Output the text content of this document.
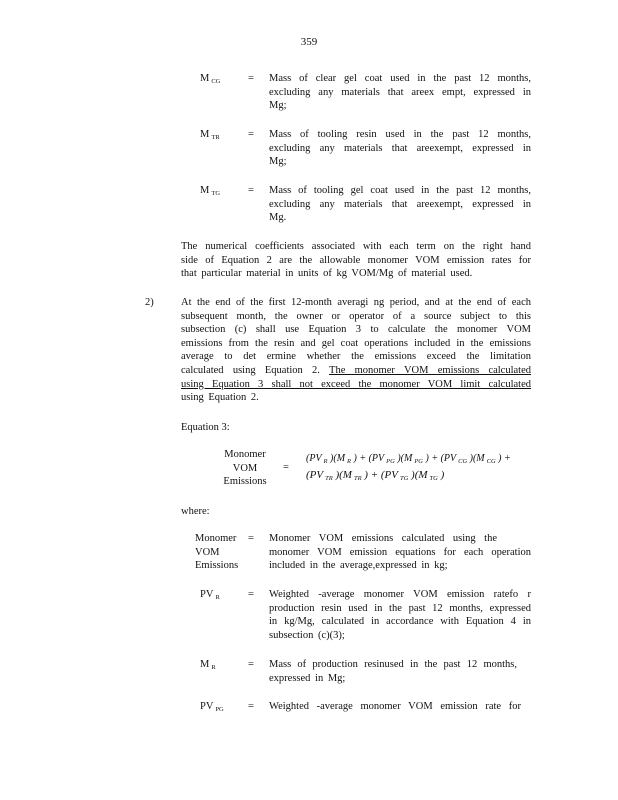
359
M $_{CG}$	= Mass of clear gel coat used in the past 12 months,
excluding any materials that areex empt, expressed in
Mg;
M $_{TR}$	= Mass of tooling resin used in the past 12 months,
excluding any materials that areexempt, expressed in
Mg;
M $_{TG}$	= Mass of tooling gel coat used in the past 12 months,
excluding any materials that areexempt, expressed in
Mg.
The numerical coefficients associated with each term on the right hand
side of Equation 2 are the allowable monomer VOM emission rates for
that particular material in units of kg VOM/Mg of material used.
2)	At the end of the first 12-month averagi ng period, and at the end of each
subsequent month, the owner or operator of a source subject to this
subsection (c) shall use Equation 3 to calculate the monomer VOM
emissions from the resin and gel coat operations included in the emissions
average to det ermine whether the emissions exceed the limitation
calculated using Equation 2. The monomer VOM emissions calculated
using Equation 3 shall not exceed the monomer VOM limit calculated
using Equation 2.
Equation 3:
Monomer
VOM
Emissions
=
(PV $_R$ )(M $_R$ ) + (PV $_{PG}$ )(M $_{PG}$ ) + (PV $_{CG}$ )(M $_{CG}$ ) +
(PV $_{TR}$ )(M $_{TR}$ ) + (PV $_{TG}$ )(M $_{TG}$ )
where:
Monomer
VOM
Emissions
= Monomer VOM emissions calculated using the
monomer VOM emission equations for each operation
included in the average,expressed in kg;
PV $_R$	= Weighted -average monomer VOM emission ratefo r
production resin used in the past 12 months, expressed
in kg/Mg, calculated in accordance with Equation 4 in
subsection (c)(3);
M $_R$	= Mass of production resinused in the past 12 months,
expressed in Mg;
PV $_{PG}$ = Weighted -average monomer VOM emission rate for
